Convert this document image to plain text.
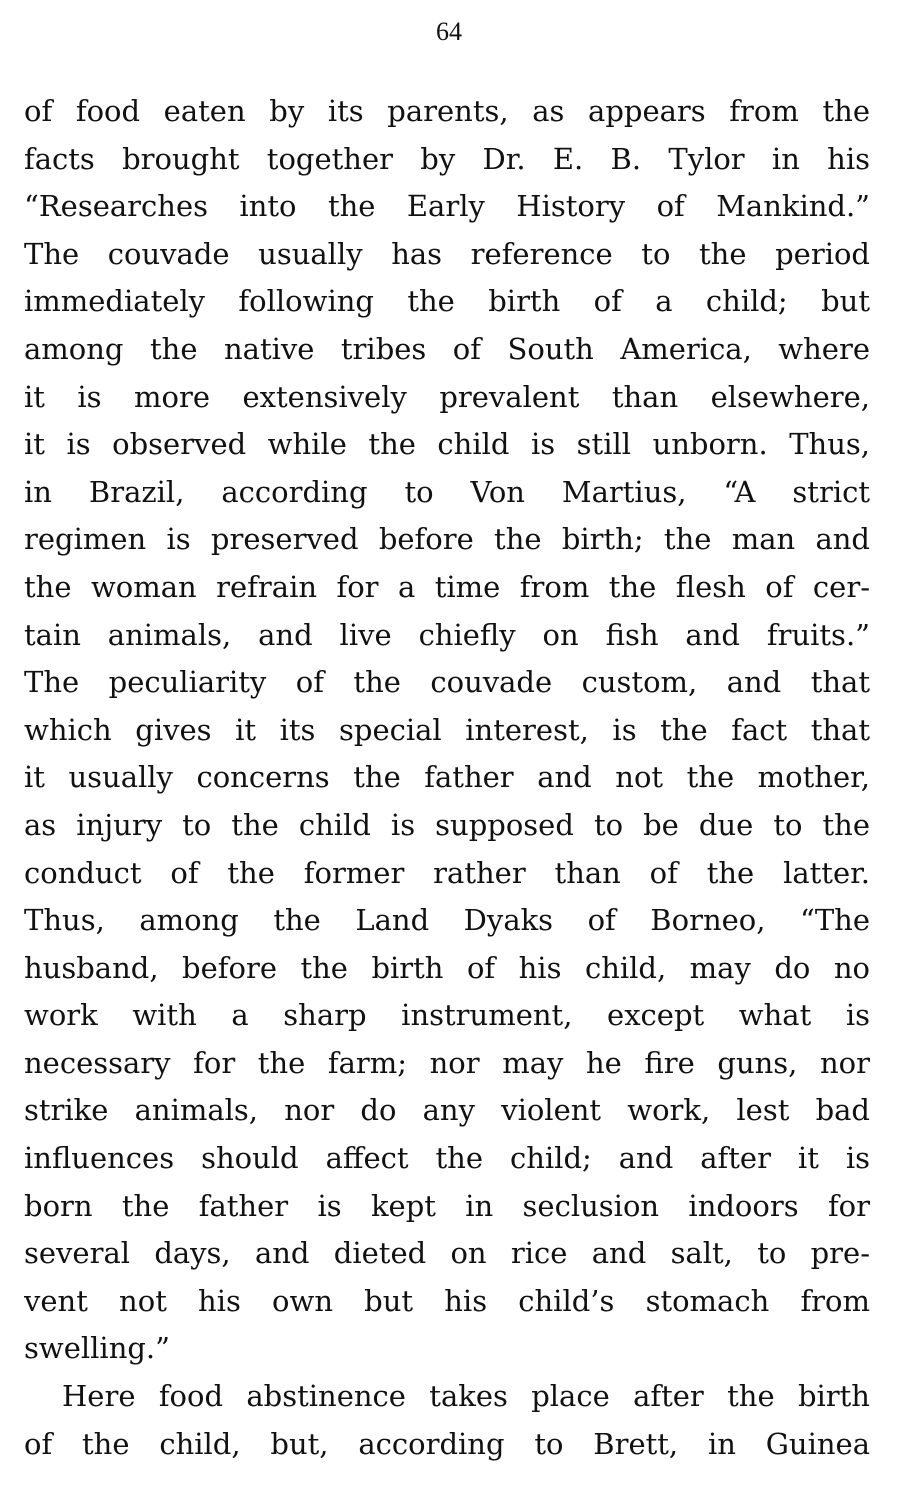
64
of food eaten by its parents, as appears from the
facts brought together by Dr. E. B. Tylor in his
“Researches into the Early History of Mankind.”
The couvade usually has reference to the period
immediately following the birth of a child; but
among the native tribes of South America, where
it is more extensively prevalent than elsewhere,
it is observed while the child is still unborn. Thus,
in Brazil, according to Von Martius, “A strict
regimen is preserved before the birth; the man and
the woman refrain for a time from the flesh of cer-
tain animals, and live chiefly on fish and fruits.”
The peculiarity of the couvade custom, and that
which gives it its special interest, is the fact that
it usually concerns the father and not the mother,
as injury to the child is supposed to be due to the
conduct of the former rather than of the latter.
Thus, among the Land Dyaks of Borneo, “The
husband, before the birth of his child, may do no
work with a sharp instrument, except what is
necessary for the farm; nor may he fire guns, nor
strike animals, nor do any violent work, lest bad
influences should affect the child; and after it is
born the father is kept in seclusion indoors for
several days, and dieted on rice and salt, to pre-
vent not his own but his child’s stomach from
swelling.”
Here food abstinence takes place after the birth
of the child, but, according to Brett, in Guinea
